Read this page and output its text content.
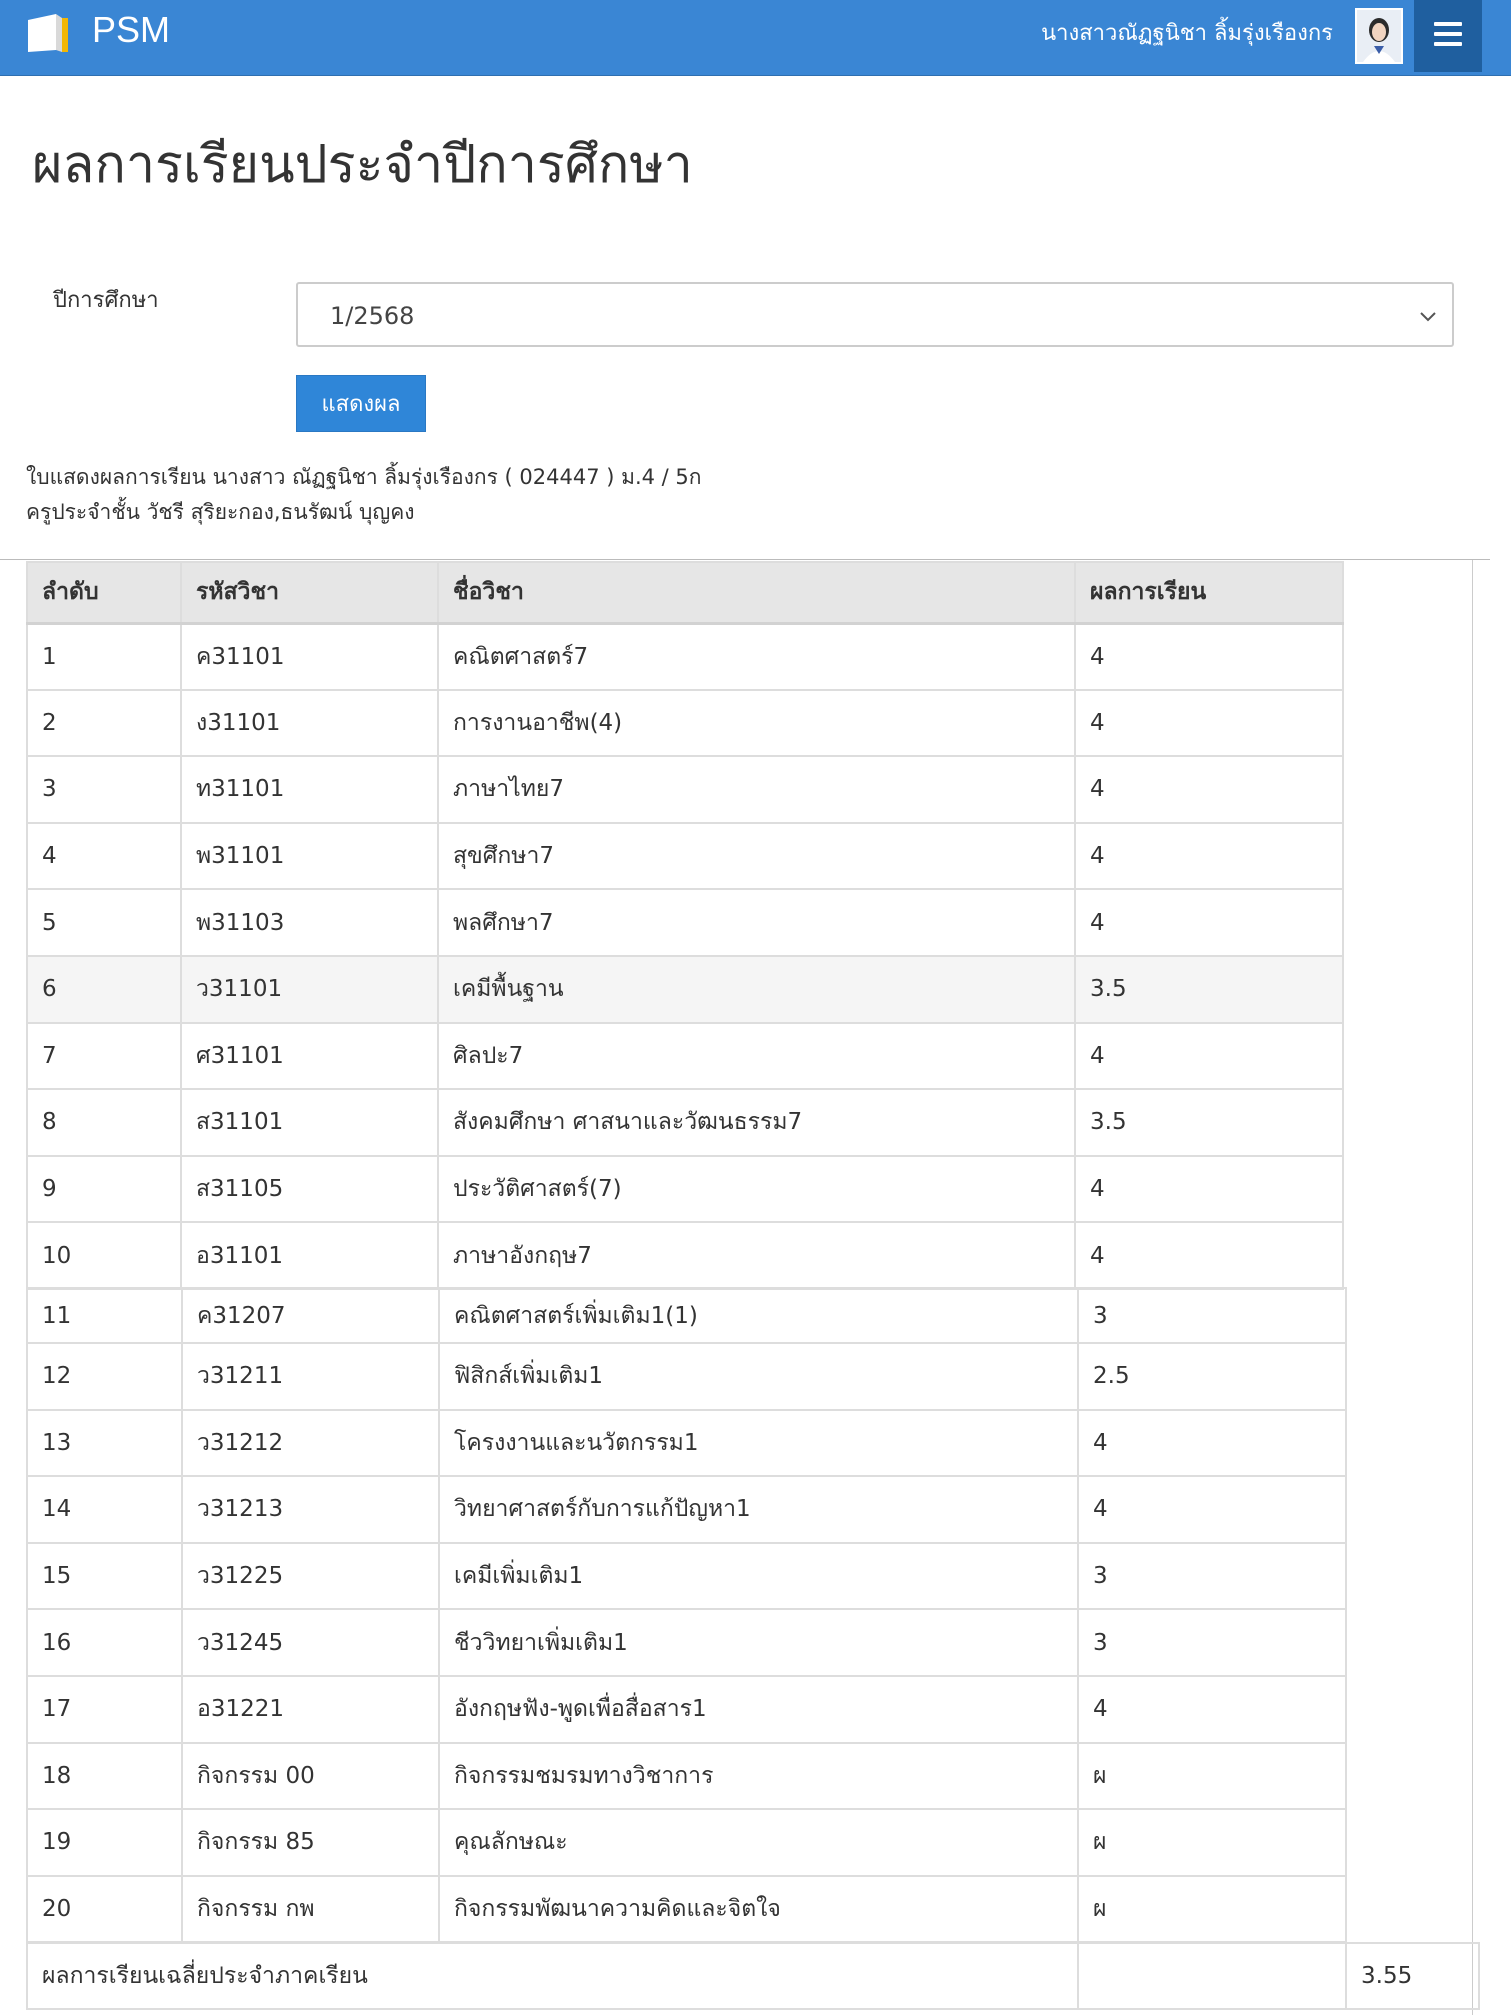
PSM	นางสาวณัฏฐนิชา ลิ้มรุ่งเรืองกร
ผลการเรียนประจำปีการศึกษา
ปีการศึกษา
1/2568
แสดงผล
ใบแสดงผลการเรียน นางสาว ณัฏฐนิชา ลิ้มรุ่งเรืองกร ( 024447 ) ม.4 / 5ก
ครูประจำชั้น วัชรี สุริยะกอง,ธนรัฒน์ บุญคง
ลำดับ	รหัสวิชา	ชื่อวิชา	ผลการเรียน
1	ค31101	คณิตศาสตร์7	4
2	ง31101	การงานอาชีพ(4)	4
3	ท31101	ภาษาไทย7	4
4	พ31101	สุขศึกษา7	4
5	พ31103	พลศึกษา7	4
6	ว31101	เคมีพื้นฐาน	3.5
7	ศ31101	ศิลปะ7	4
8	ส31101	สังคมศึกษา ศาสนาและวัฒนธรรม7	3.5
9	ส31105	ประวัติศาสตร์(7)	4
10	อ31101	ภาษาอังกฤษ7	4
11	ค31207	คณิตศาสตร์เพิ่มเติม1(1)	3
12	ว31211	ฟิสิกส์เพิ่มเติม1	2.5
13	ว31212	โครงงานและนวัตกรรม1	4
14	ว31213	วิทยาศาสตร์กับการแก้ปัญหา1	4
15	ว31225	เคมีเพิ่มเติม1	3
16	ว31245	ชีววิทยาเพิ่มเติม1	3
17	อ31221	อังกฤษฟัง-พูดเพื่อสื่อสาร1	4
18	กิจกรรม 00	กิจกรรมชมรมทางวิชาการ	ผ
19	กิจกรรม 85	คุณลักษณะ	ผ
20	กิจกรรม กพ	กิจกรรมพัฒนาความคิดและจิตใจ	ผ
ผลการเรียนเฉลี่ยประจำภาคเรียน		3.55
